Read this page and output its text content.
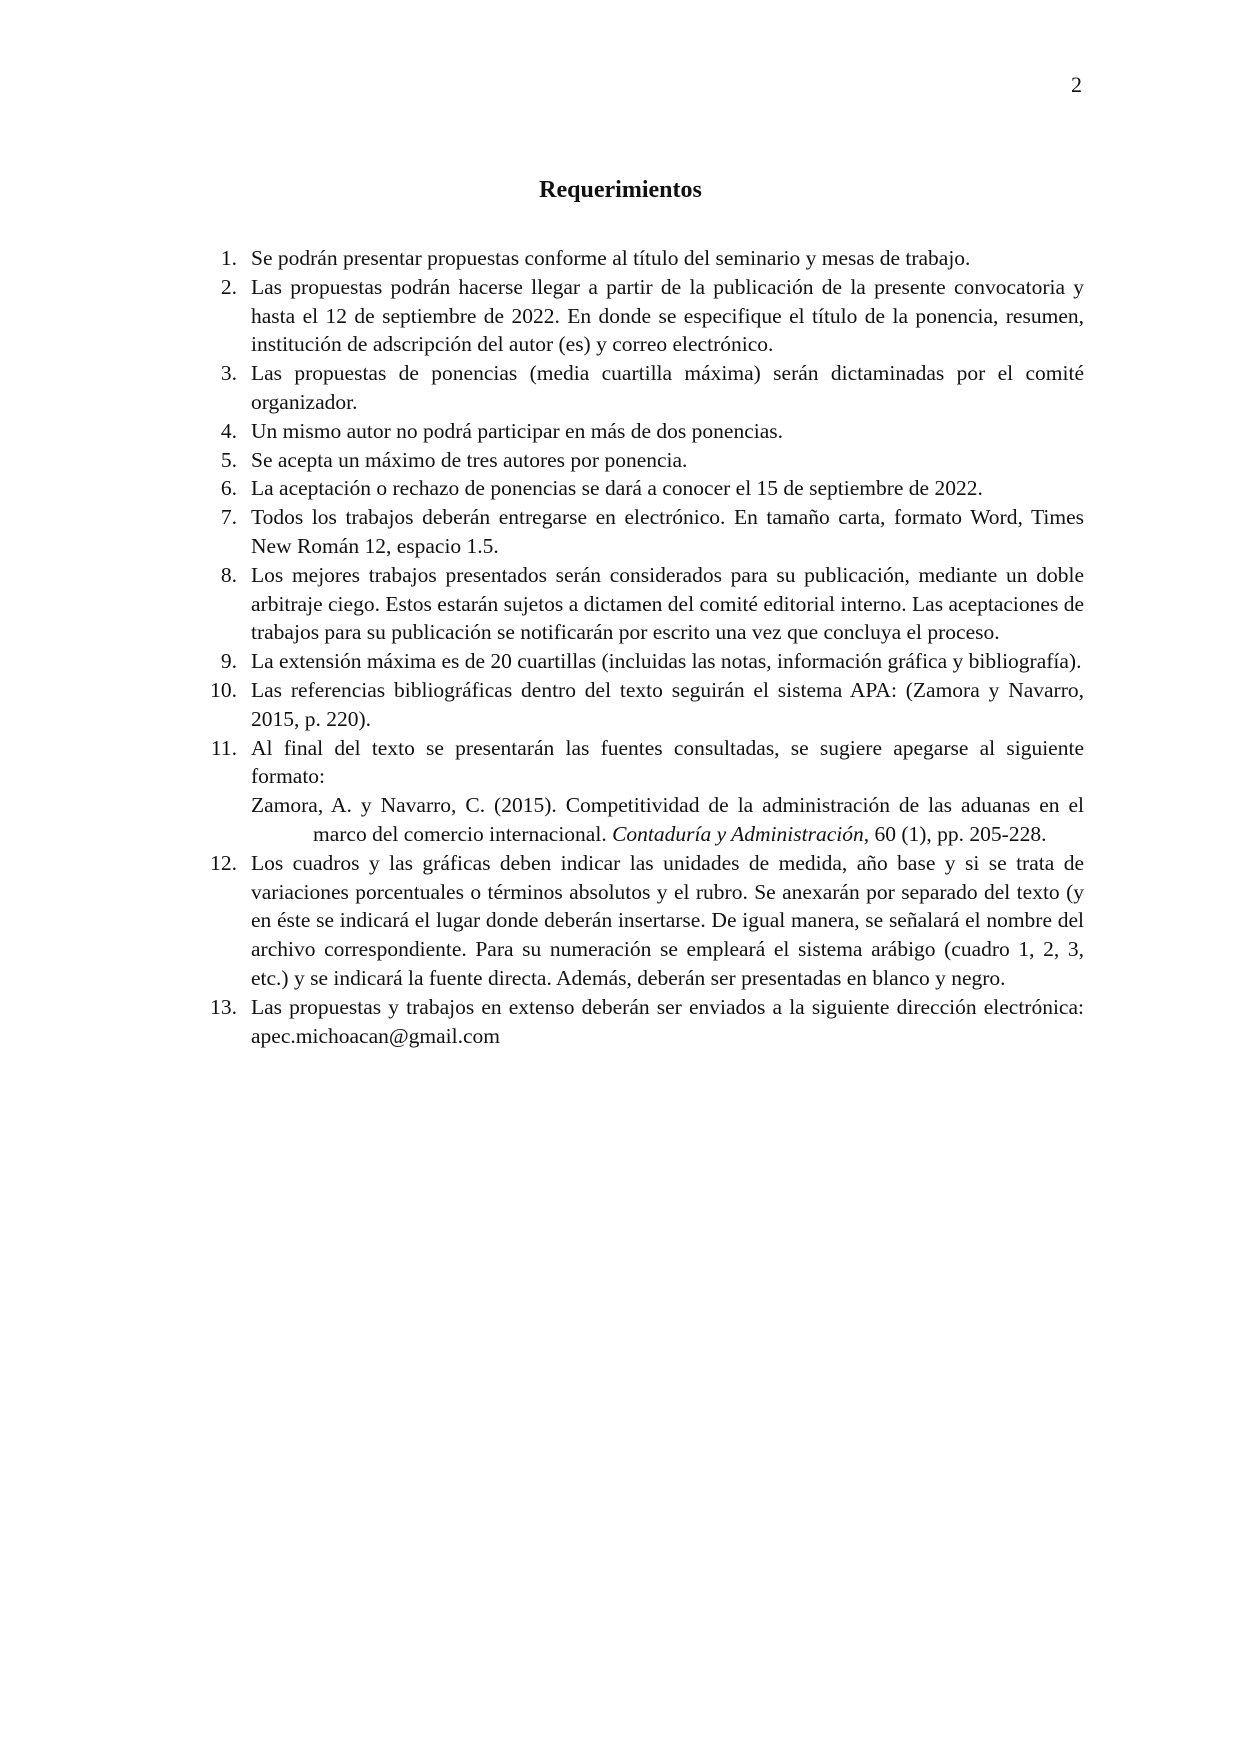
2
Requerimientos
1. Se podrán presentar propuestas conforme al título del seminario y mesas de trabajo.
2. Las propuestas podrán hacerse llegar a partir de la publicación de la presente convocatoria y hasta el 12 de septiembre de 2022. En donde se especifique el título de la ponencia, resumen, institución de adscripción del autor (es) y correo electrónico.
3. Las propuestas de ponencias (media cuartilla máxima) serán dictaminadas por el comité organizador.
4. Un mismo autor no podrá participar en más de dos ponencias.
5. Se acepta un máximo de tres autores por ponencia.
6. La aceptación o rechazo de ponencias se dará a conocer el 15 de septiembre de 2022.
7. Todos los trabajos deberán entregarse en electrónico. En tamaño carta, formato Word, Times New Román 12, espacio 1.5.
8. Los mejores trabajos presentados serán considerados para su publicación, mediante un doble arbitraje ciego. Estos estarán sujetos a dictamen del comité editorial interno. Las aceptaciones de trabajos para su publicación se notificarán por escrito una vez que concluya el proceso.
9. La extensión máxima es de 20 cuartillas (incluidas las notas, información gráfica y bibliografía).
10. Las referencias bibliográficas dentro del texto seguirán el sistema APA: (Zamora y Navarro, 2015, p. 220).
11. Al final del texto se presentarán las fuentes consultadas, se sugiere apegarse al siguiente formato:

Zamora, A. y Navarro, C. (2015). Competitividad de la administración de las aduanas en el marco del comercio internacional. Contaduría y Administración, 60 (1), pp. 205-228.

12. Los cuadros y las gráficas deben indicar las unidades de medida, año base y si se trata de variaciones porcentuales o términos absolutos y el rubro. Se anexarán por separado del texto (y en éste se indicará el lugar donde deberán insertarse. De igual manera, se señalará el nombre del archivo correspondiente. Para su numeración se empleará el sistema arábigo (cuadro 1, 2, 3, etc.) y se indicará la fuente directa. Además, deberán ser presentadas en blanco y negro.
13. Las propuestas y trabajos en extenso deberán ser enviados a la siguiente dirección electrónica: apec.michoacan@gmail.com
